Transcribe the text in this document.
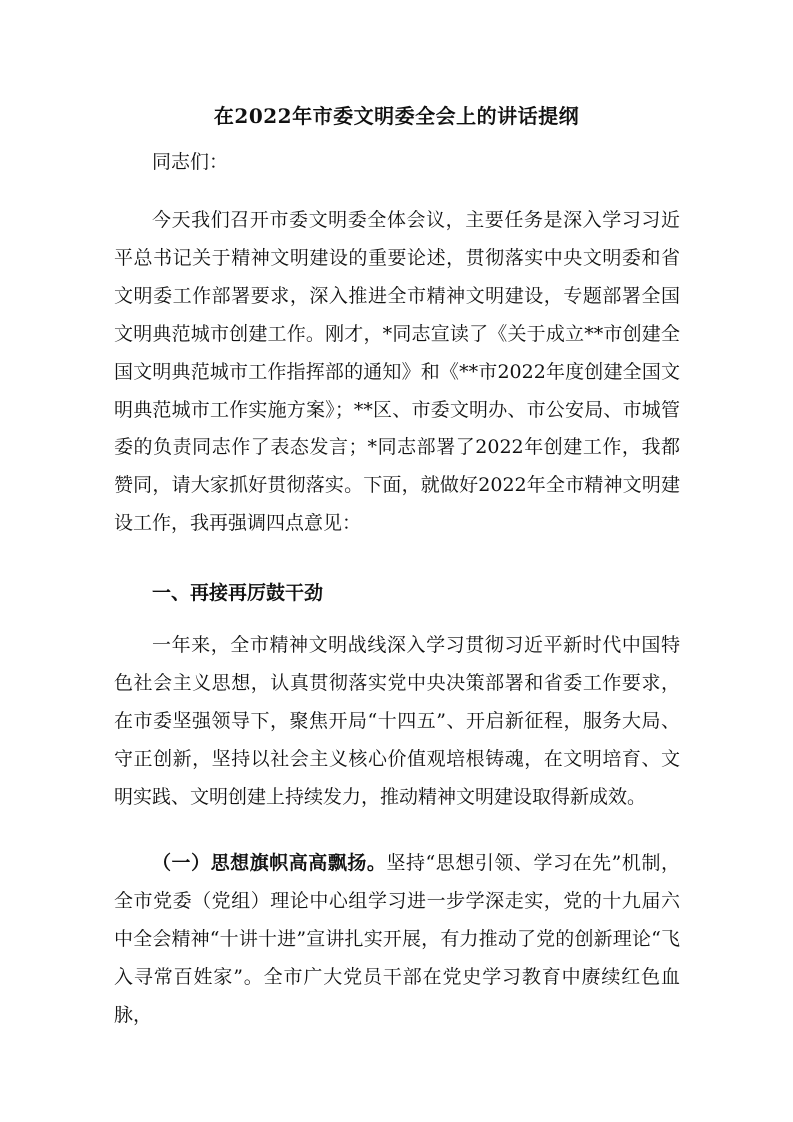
在2022年市委文明委全会上的讲话提纲

同志们：

今天我们召开市委文明委全体会议，主要任务是深入学习习近平总书记关于精神文明建设的重要论述，贯彻落实中央文明委和省文明委工作部署要求，深入推进全市精神文明建设，专题部署全国文明典范城市创建工作。刚才，*同志宣读了《关于成立**市创建全国文明典范城市工作指挥部的通知》和《**市2022年度创建全国文明典范城市工作实施方案》；**区、市委文明办、市公安局、市城管委的负责同志作了表态发言；*同志部署了2022年创建工作，我都赞同，请大家抓好贯彻落实。下面，就做好2022年全市精神文明建设工作，我再强调四点意见：

一、再接再厉鼓干劲

一年来，全市精神文明战线深入学习贯彻习近平新时代中国特色社会主义思想，认真贯彻落实党中央决策部署和省委工作要求，在市委坚强领导下，聚焦开局“十四五”、开启新征程，服务大局、守正创新，坚持以社会主义核心价值观培根铸魂，在文明培育、文明实践、文明创建上持续发力，推动精神文明建设取得新成效。

（一）思想旗帜高高飘扬。坚持“思想引领、学习在先”机制，全市党委（党组）理论中心组学习进一步学深走实，党的十九届六中全会精神“十讲十进”宣讲扎实开展，有力推动了党的创新理论“飞入寻常百姓家”。全市广大党员干部在党史学习教育中赓续红色血脉，
